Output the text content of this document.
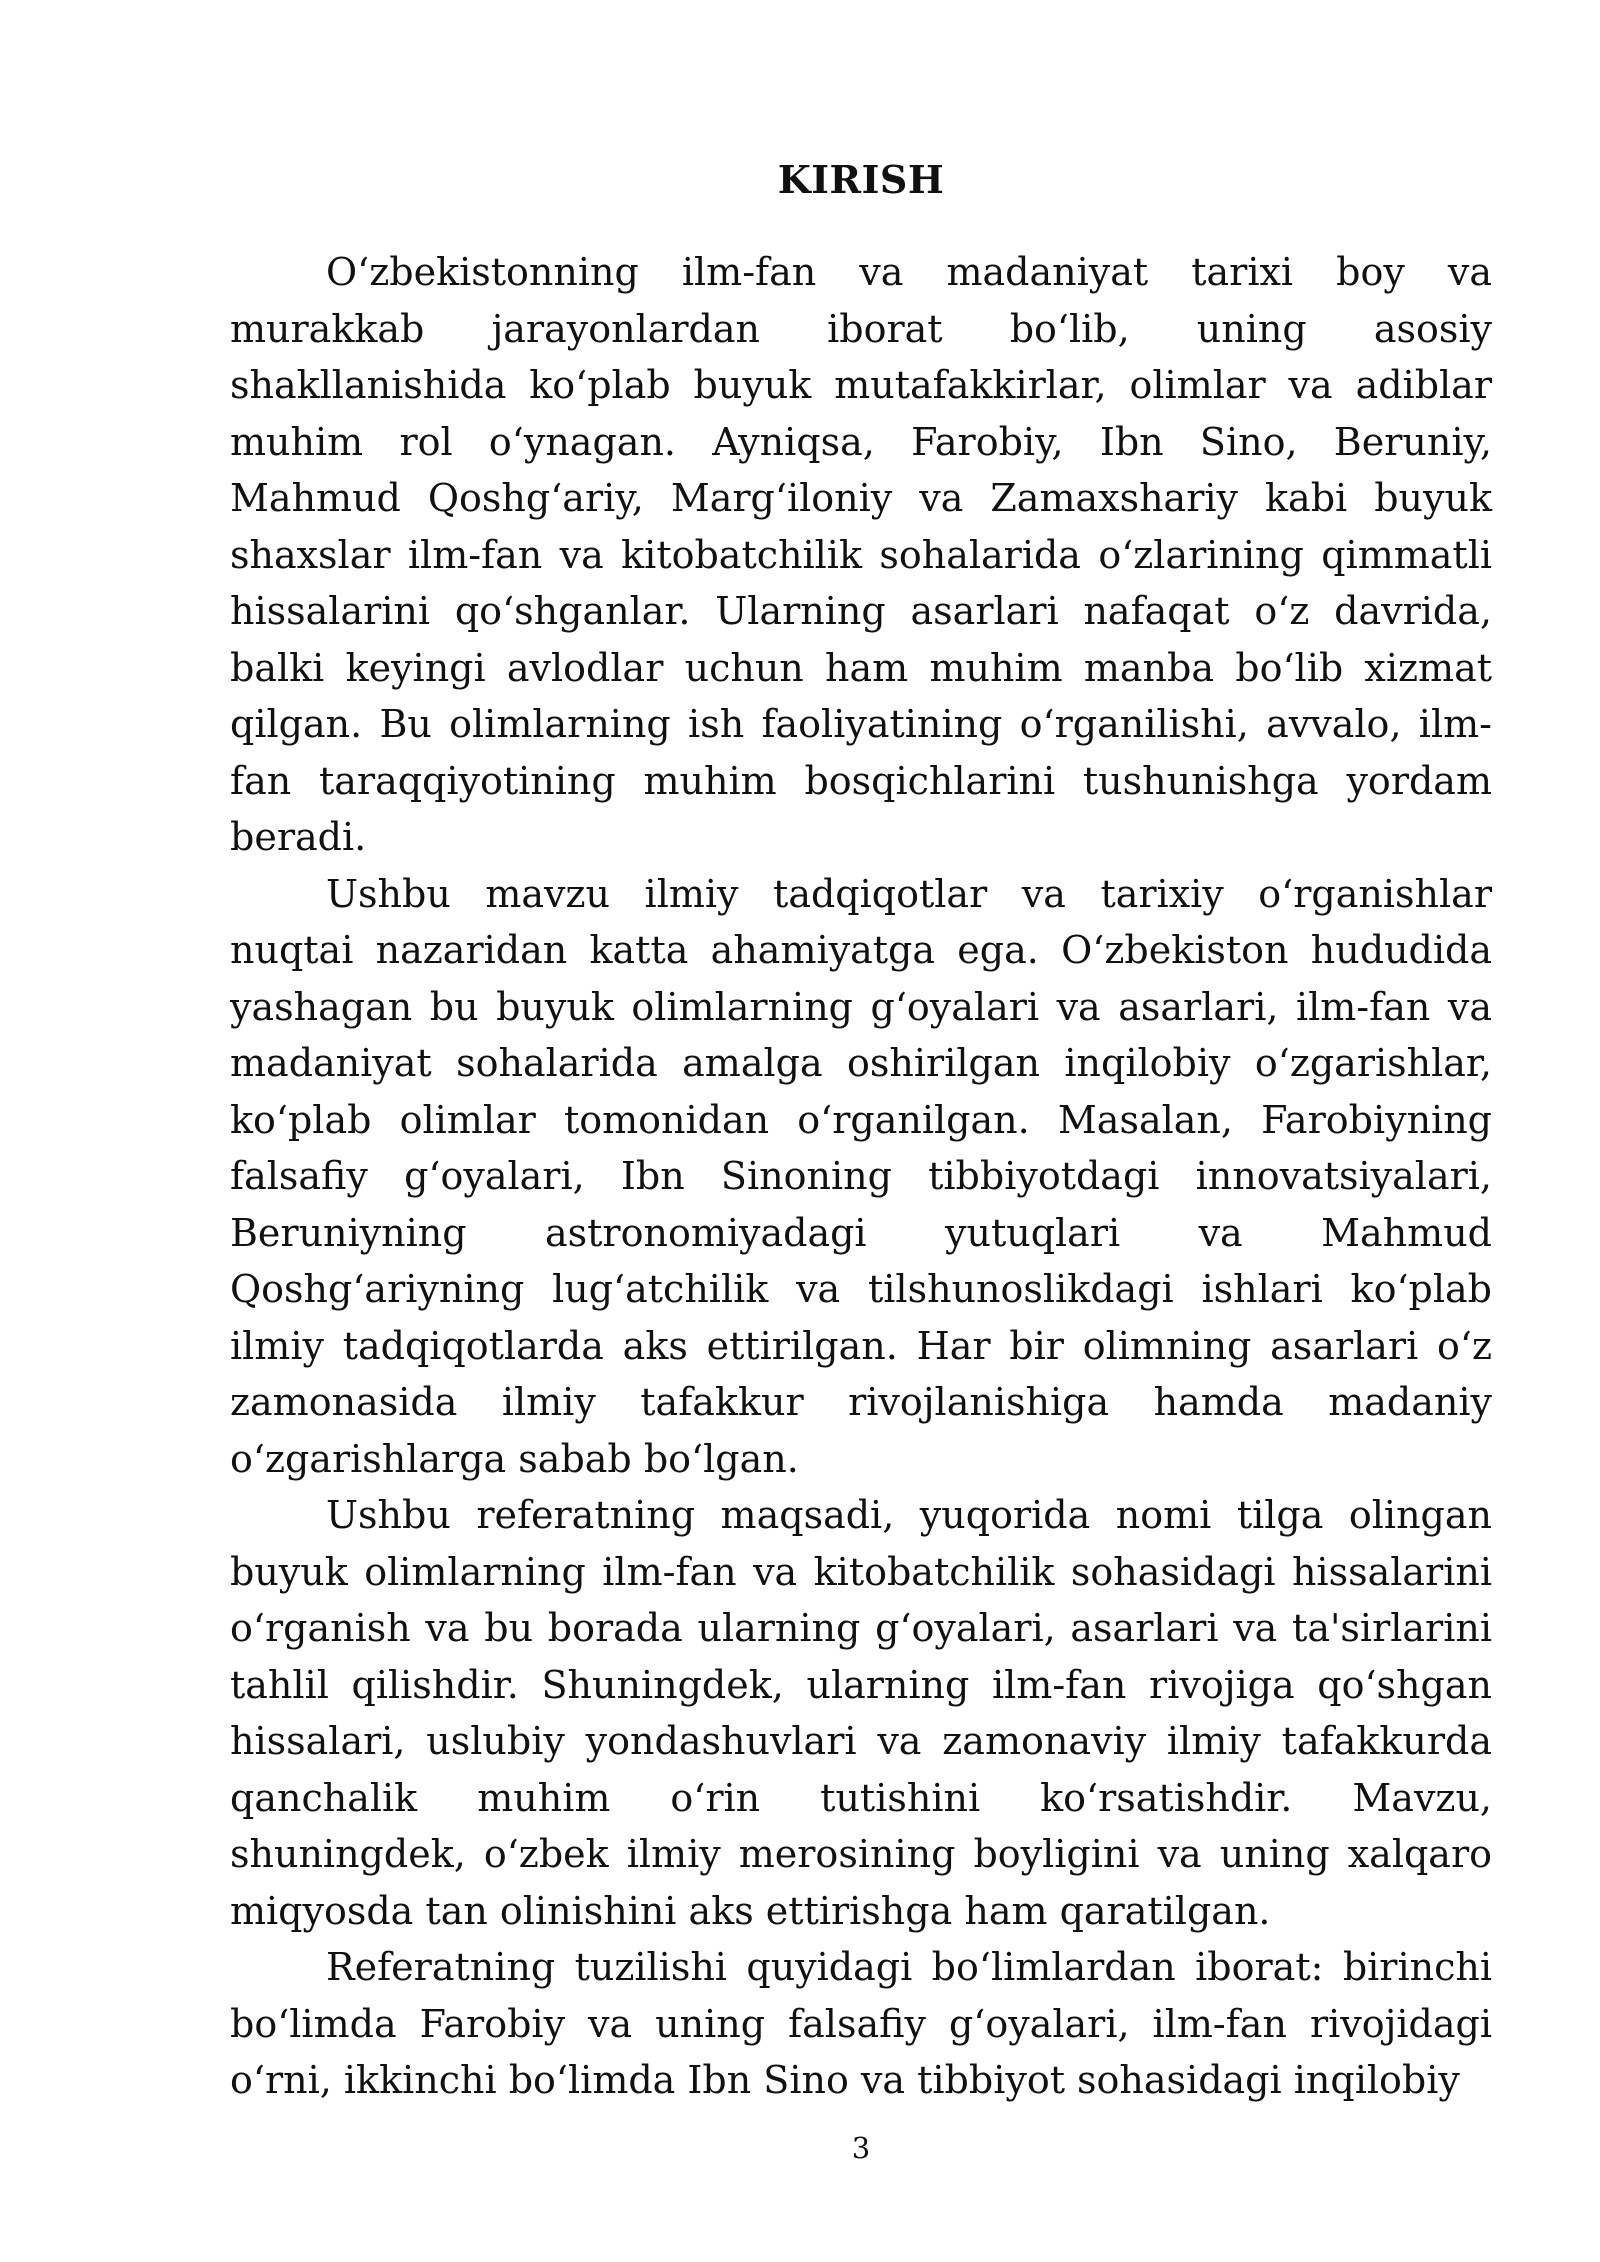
KIRISH

O‘zbekistonning ilm-fan va madaniyat tarixi boy va murakkab jarayonlardan iborat bo‘lib, uning asosiy shakllanishida ko‘plab buyuk mutafakkirlar, olimlar va adiblar muhim rol o‘ynagan. Ayniqsa, Farobiy, Ibn Sino, Beruniy, Mahmud Qoshg‘ariy, Marg‘iloniy va Zamaxshariy kabi buyuk shaxslar ilm-fan va kitobatchilik sohalarida o‘zlarining qimmatli hissalarini qo‘shganlar. Ularning asarlari nafaqat o‘z davrida, balki keyingi avlodlar uchun ham muhim manba bo‘lib xizmat qilgan. Bu olimlarning ish faoliyatining o‘rganilishi, avvalo, ilm-fan taraqqiyotining muhim bosqichlarini tushunishga yordam beradi.

Ushbu mavzu ilmiy tadqiqotlar va tarixiy o‘rganishlar nuqtai nazaridan katta ahamiyatga ega. O‘zbekiston hududida yashagan bu buyuk olimlarning g‘oyalari va asarlari, ilm-fan va madaniyat sohalarida amalga oshirilgan inqilobiy o‘zgarishlar, ko‘plab olimlar tomonidan o‘rganilgan. Masalan, Farobiyning falsafiy g‘oyalari, Ibn Sinoning tibbiyotdagi innovatsiyalari, Beruniyning astronomiyadagi yutuqlari va Mahmud Qoshg‘ariyning lug‘atchilik va tilshunoslikdagi ishlari ko‘plab ilmiy tadqiqotlarda aks ettirilgan. Har bir olimning asarlari o‘z zamonasida ilmiy tafakkur rivojlanishiga hamda madaniy o‘zgarishlarga sabab bo‘lgan.

Ushbu referatning maqsadi, yuqorida nomi tilga olingan buyuk olimlarning ilm-fan va kitobatchilik sohasidagi hissalarini o‘rganish va bu borada ularning g‘oyalari, asarlari va ta'sirlarini tahlil qilishdir. Shuningdek, ularning ilm-fan rivojiga qo‘shgan hissalari, uslubiy yondashuvlari va zamonaviy ilmiy tafakkurda qanchalik muhim o‘rin tutishini ko‘rsatishdir. Mavzu, shuningdek, o‘zbek ilmiy merosining boyligini va uning xalqaro miqyosda tan olinishini aks ettirishga ham qaratilgan.

Referatning tuzilishi quyidagi bo‘limlardan iborat: birinchi bo‘limda Farobiy va uning falsafiy g‘oyalari, ilm-fan rivojidagi o‘rni, ikkinchi bo‘limda Ibn Sino va tibbiyot sohasidagi inqilobiy

3
